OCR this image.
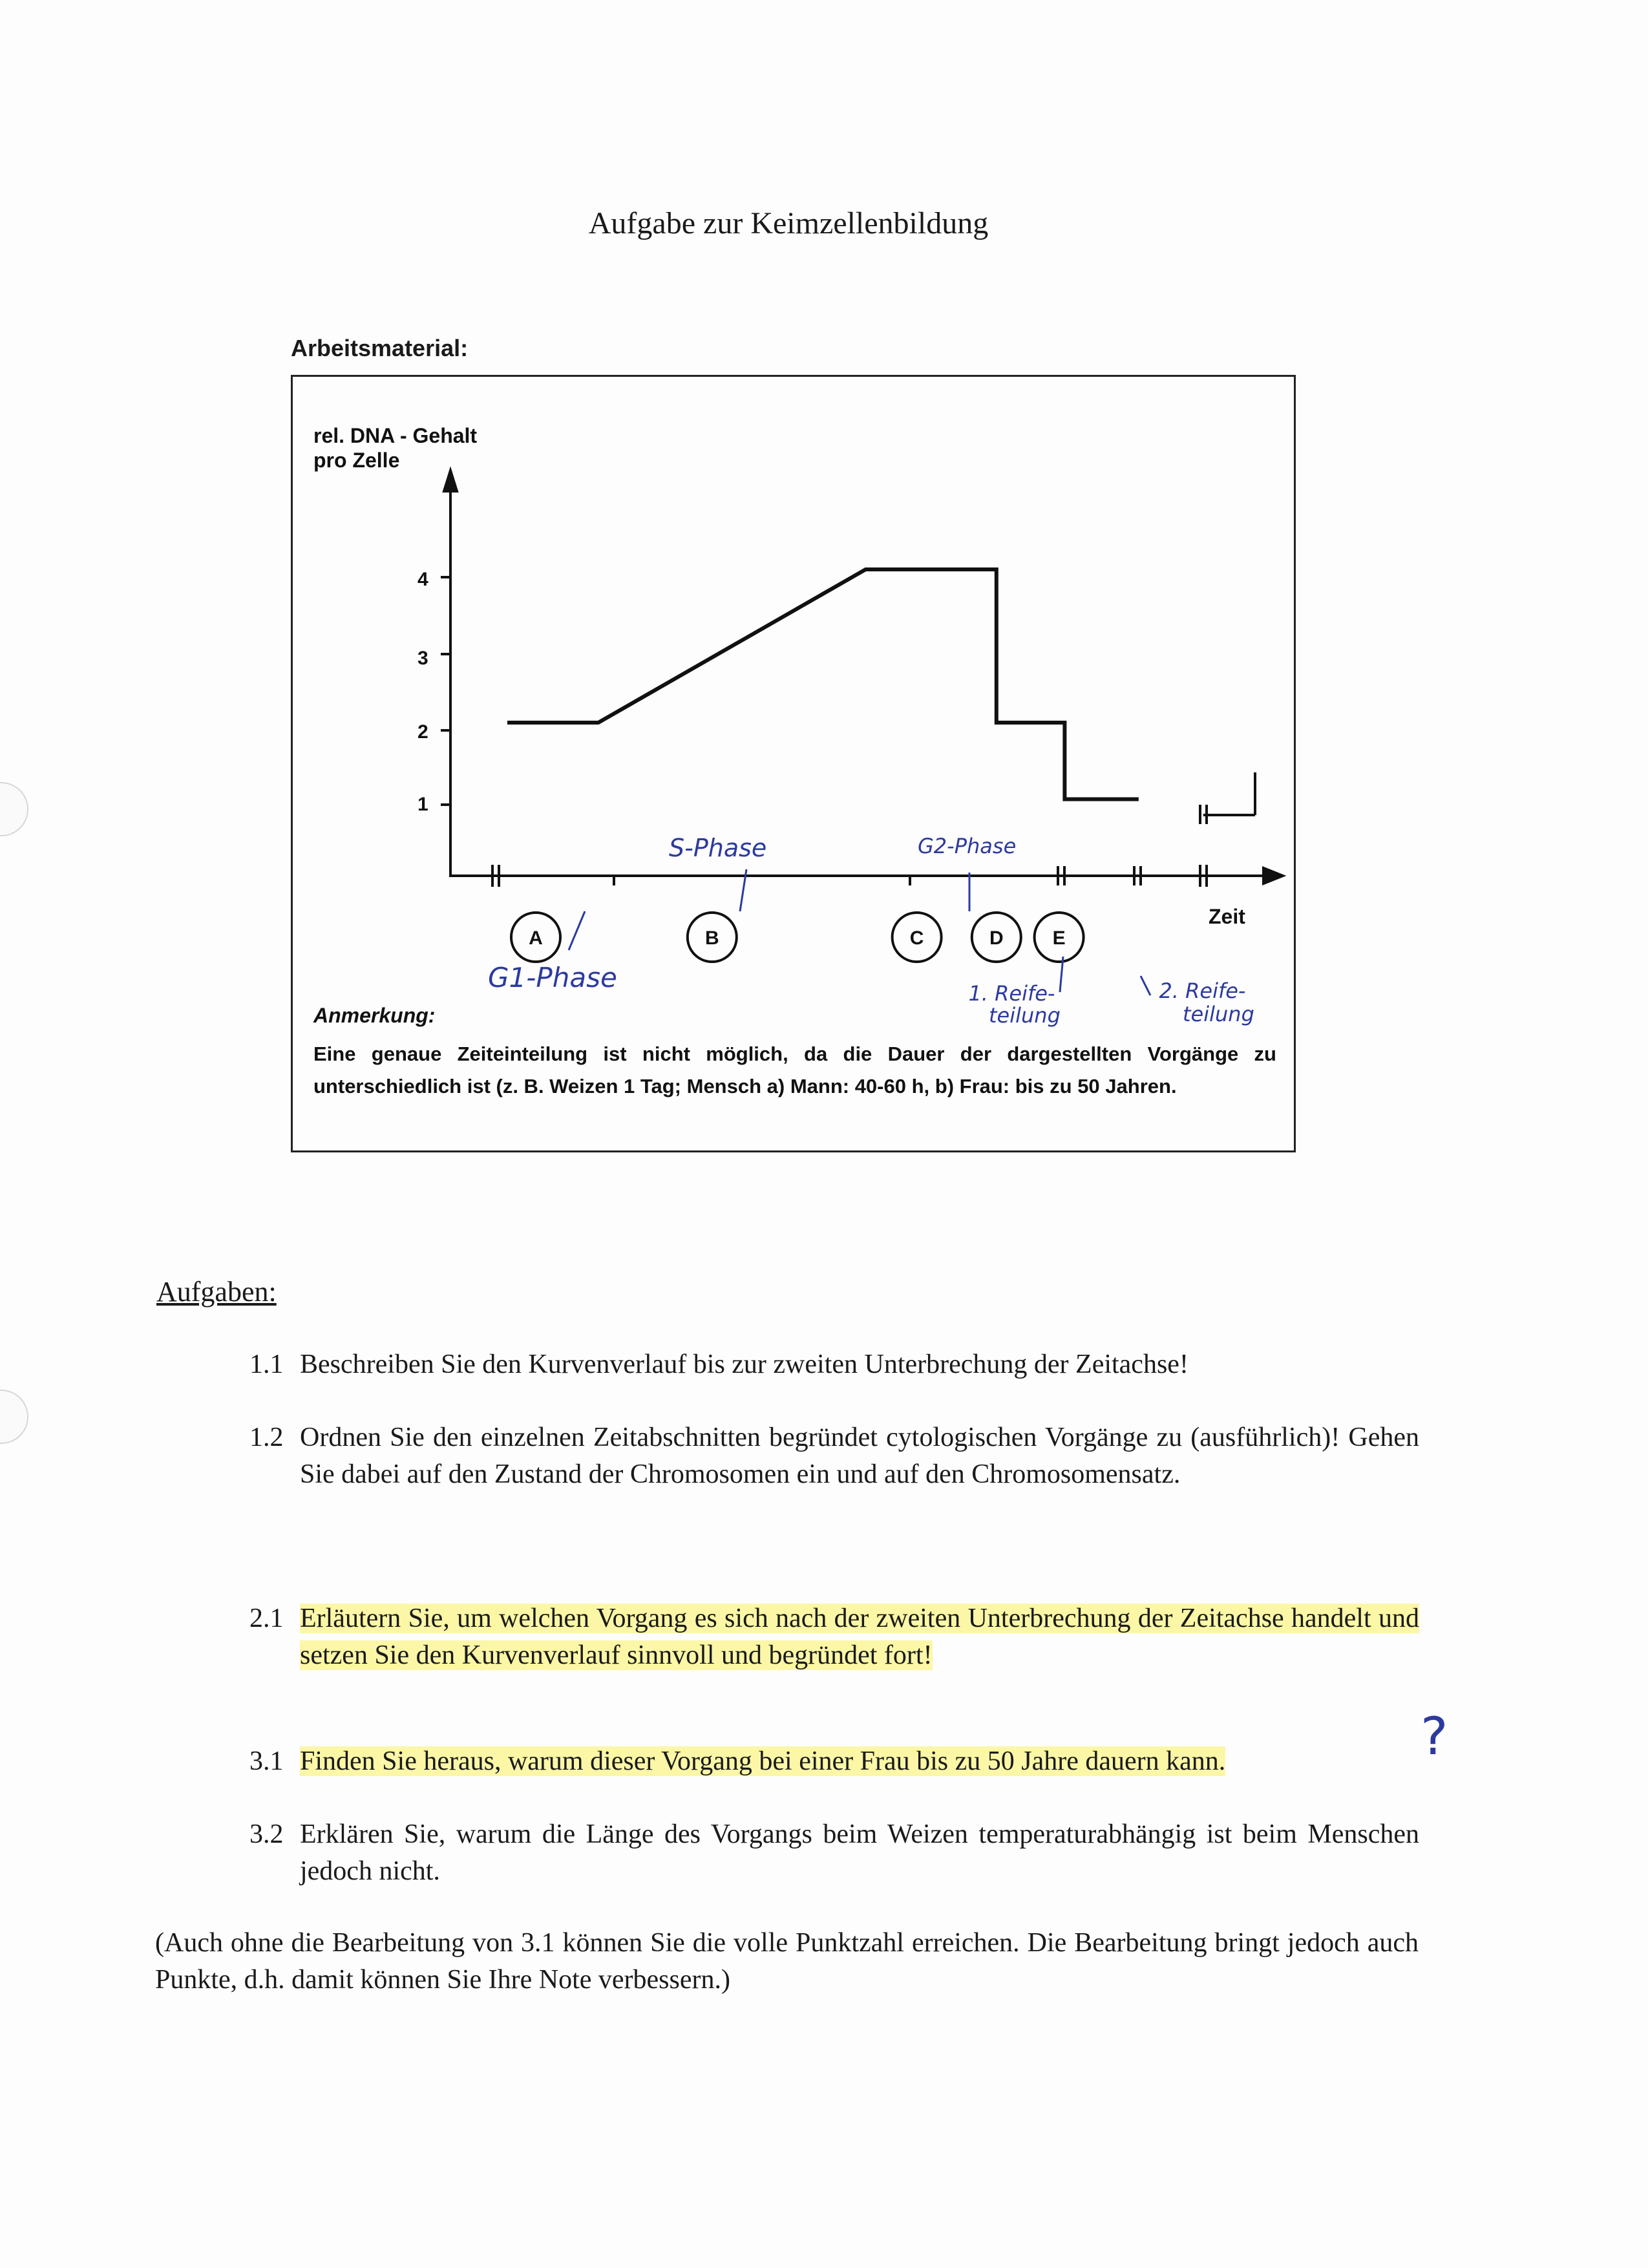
Aufgabe zur Keimzellenbildung
Arbeitsmaterial:
rel. DNA - Gehalt
pro Zelle
1
2
3
4
Zeit
A	B	C	D	E
S-Phase	G2-Phase
G1-Phase	1. Reife-
teilung
2. Reife-
teilung
Anmerkung:
Eine genaue Zeiteinteilung ist nicht möglich, da die Dauer der dargestellten Vorgänge zu unterschiedlich ist (z. B. Weizen 1 Tag; Mensch a) Mann: 40-60 h, b) Frau: bis zu 50 Jahren.
Aufgaben:
1.1 Beschreiben Sie den Kurvenverlauf bis zur zweiten Unterbrechung der Zeitachse!
1.2 Ordnen Sie den einzelnen Zeitabschnitten begründet cytologischen Vorgänge zu (ausführlich)! Gehen Sie dabei auf den Zustand der Chromosomen ein und auf den Chromosomensatz.
2.1 Erläutern Sie, um welchen Vorgang es sich nach der zweiten Unterbrechung der Zeitachse handelt und setzen Sie den Kurvenverlauf sinnvoll und begründet fort!
3.1 Finden Sie heraus, warum dieser Vorgang bei einer Frau bis zu 50 Jahre dauern kann.
3.2 Erklären Sie, warum die Länge des Vorgangs beim Weizen temperaturabhängig ist beim Menschen jedoch nicht.
?
(Auch ohne die Bearbeitung von 3.1 können Sie die volle Punktzahl erreichen. Die Bearbeitung bringt jedoch auch Punkte, d.h. damit können Sie Ihre Note verbessern.)
